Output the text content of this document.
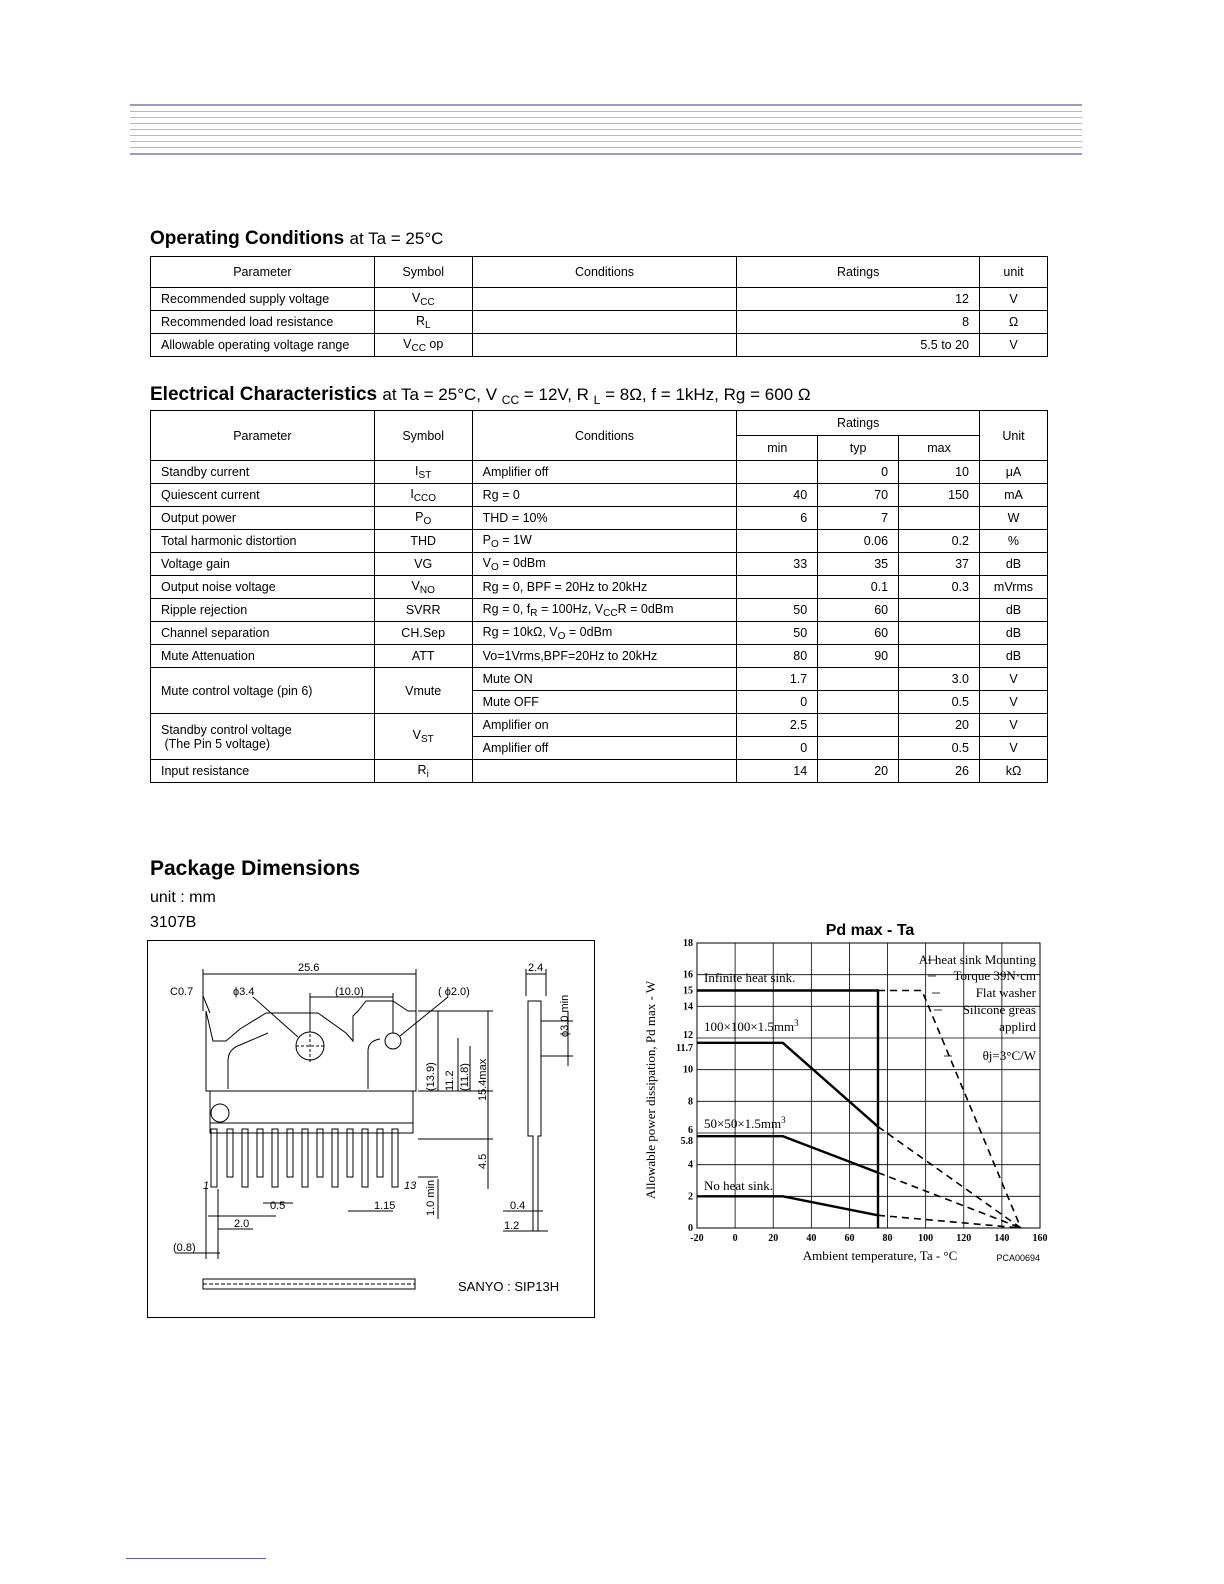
Operating Conditions at Ta = 25°C
Parameter	Symbol	Conditions	Ratings	unit
Recommended supply voltage	$V_{CC}$		12	V
Recommended load resistance	$R_L$		8	Ω
Allowable operating voltage range	$V_{CC}$ op		5.5 to 20	V
Electrical Characteristics at Ta = 25°C, V $_{CC}$ = 12V, R $_L$ = 8Ω, f = 1kHz, Rg = 600 Ω
Parameter	Symbol	Conditions	Ratings			Unit
			min	typ	max	
Standby current	$I_{ST}$	Amplifier off		0	10	μA
Quiescent current	$I_{CCO}$	Rg = 0	40	70	150	mA
Output power	$P_O$	THD = 10%	6	7		W
Total harmonic distortion	THD	$P_O = 1W$		0.06	0.2	%
Voltage gain	VG	$V_O = 0dBm$	33	35	37	dB
Output noise voltage	$V_{NO}$	Rg = 0, BPF = 20Hz to 20kHz		0.1	0.3	mVrms
Ripple rejection	SVRR	Rg = 0, $f_R = 100Hz$, $V_{CC}R = 0dBm$	50	60		dB
Channel separation	CH.Sep	Rg = 10kΩ, $V_O = 0dBm$	50	60		dB
Mute Attenuation	ATT	Vo=1Vrms,BPF=20Hz to 20kHz	80	90		dB
Mute control voltage (pin 6)	Vmute	Mute ON	1.7		3.0	V
		Mute OFF	0		0.5	V

Standby control voltage
(The Pin 5 voltage)	$V_{ST}$	Amplifier on	2.5		20	V
		Amplifier off	0		0.5	V
Input resistance	$R_i$		14	20	26	kΩ
Package Dimensions
unit : mm
3107B
25.6
C0.7	ϕ3.4	(10.0)	( ϕ2.0)
2.4
ϕ3.0 min
(13.9) 11.2 (11.8) 15.4max
4.5
1.0 min
1	13
0.5	1.15
2.0
(0.8)
0.4
1.2
SANYO : SIP13H
Pd max - Ta
-20	0	20	40	60	80	100 120 140 160
0
2
4
5.8
6
8
10
11.7
12
14
15
16
18
Ambient temperature, Ta - °C
Allowable power dissipation, Pd max - W
PCA00694
Infinite heat sink.
$100\times 100\times 1.5mm^3$
$50\times 50\times 1.5mm^3$
No heat sink.
Al heat sink Mounting
Torque 39N·cm
Flat washer
Silicone greas
applird
θj=3°C/W
